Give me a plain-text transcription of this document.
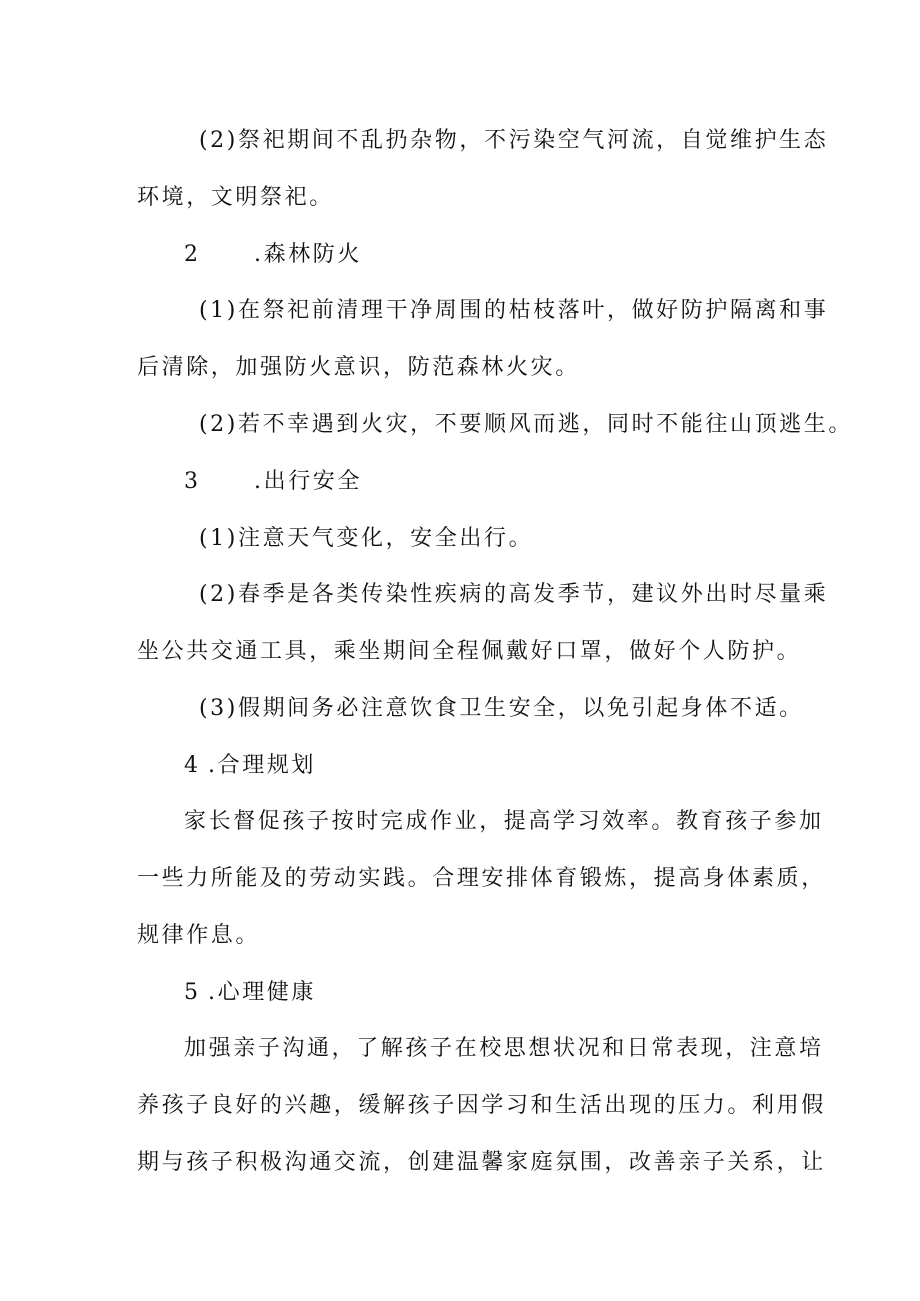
(2)祭祀期间不乱扔杂物，不污染空气河流，自觉维护生态
环境，文明祭祀。
2 .森林防火
(1)在祭祀前清理干净周围的枯枝落叶，做好防护隔离和事
后清除，加强防火意识，防范森林火灾。
(2)若不幸遇到火灾，不要顺风而逃，同时不能往山顶逃生。
3 .出行安全
(1)注意天气变化，安全出行。
(2)春季是各类传染性疾病的高发季节，建议外出时尽量乘
坐公共交通工具，乘坐期间全程佩戴好口罩，做好个人防护。
(3)假期间务必注意饮食卫生安全，以免引起身体不适。
4 .合理规划
家长督促孩子按时完成作业，提高学习效率。教育孩子参加
一些力所能及的劳动实践。合理安排体育锻炼，提高身体素质，
规律作息。
5 .心理健康
加强亲子沟通，了解孩子在校思想状况和日常表现，注意培
养孩子良好的兴趣，缓解孩子因学习和生活出现的压力。利用假
期与孩子积极沟通交流，创建温馨家庭氛围，改善亲子关系，让
